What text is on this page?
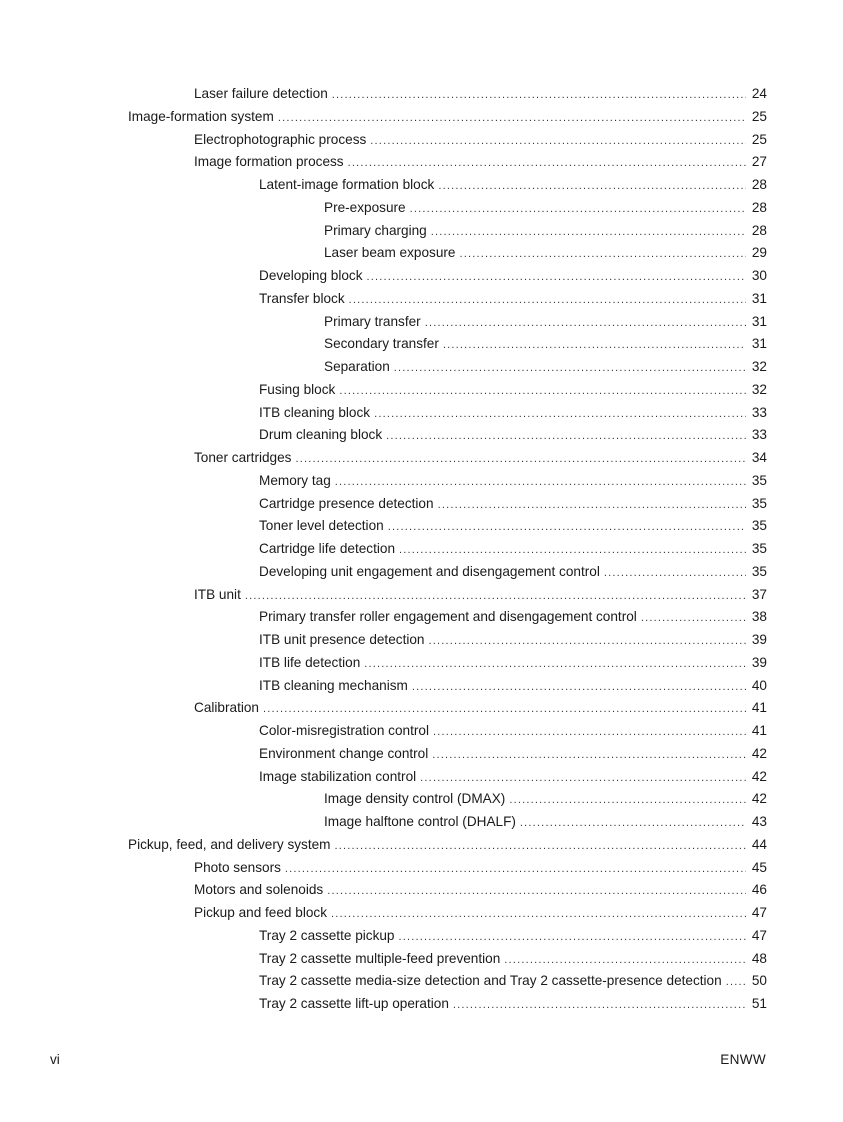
Laser failure detection .....	24
Image-formation system .....	25
Electrophotographic process .....	25
Image formation process .....	27
Latent-image formation block .....	28
Pre-exposure .....	28
Primary charging .....	28
Laser beam exposure .....	29
Developing block .....	30
Transfer block .....	31
Primary transfer .....	31
Secondary transfer .....	31
Separation .....	32
Fusing block .....	32
ITB cleaning block .....	33
Drum cleaning block .....	33
Toner cartridges .....	34
Memory tag .....	35
Cartridge presence detection .....	35
Toner level detection .....	35
Cartridge life detection .....	35
Developing unit engagement and disengagement control .....	35
ITB unit .....	37
Primary transfer roller engagement and disengagement control .....	38
ITB unit presence detection .....	39
ITB life detection .....	39
ITB cleaning mechanism .....	40
Calibration .....	41
Color-misregistration control .....	41
Environment change control .....	42
Image stabilization control .....	42
Image density control (DMAX) .....	42
Image halftone control (DHALF) .....	43
Pickup, feed, and delivery system .....	44
Photo sensors .....	45
Motors and solenoids .....	46
Pickup and feed block .....	47
Tray 2 cassette pickup .....	47
Tray 2 cassette multiple-feed prevention .....	48
Tray 2 cassette media-size detection and Tray 2 cassette-presence detection ..... 50
Tray 2 cassette lift-up operation .....	51
vi	ENWW
